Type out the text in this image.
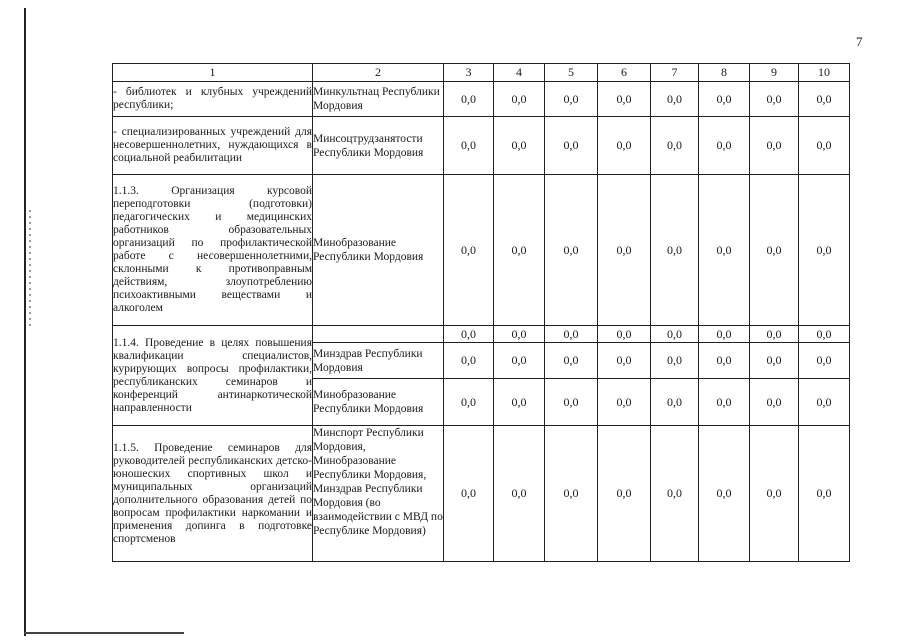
7
1	2	3	4	5	6	7	8	9	10
- библиотек и клубных учреждений республики;	Минкультнац Республики Мордовия	0,0	0,0	0,0	0,0	0,0	0,0	0,0	0,0
- специализированных учреждений для несовершеннолетних, нуждающихся в социальной реабилитации	Минсоцтрудзанятости Республики Мордовия	0,0	0,0	0,0	0,0	0,0	0,0	0,0	0,0
1.1.3. Организация курсовой переподготовки (подготовки) педагогических и медицинских работников образовательных организаций по профилактической работе с несовершеннолетними, склонными к противоправным действиям, злоупотреблению психоактивными веществами и алкоголем	Минобразование Республики Мордовия	0,0	0,0	0,0	0,0	0,0	0,0	0,0	0,0
1.1.4. Проведение в целях повышения квалификации специалистов, курирующих вопросы профилактики, республиканских семинаров и конференций антинаркотической направленности		0,0	0,0	0,0	0,0	0,0	0,0	0,0	0,0
	Минздрав Республики Мордовия	0,0	0,0	0,0	0,0	0,0	0,0	0,0	0,0
	Минобразование Республики Мордовия	0,0	0,0	0,0	0,0	0,0	0,0	0,0	0,0
1.1.5. Проведение семинаров для руководителей республиканских детско-юношеских спортивных школ и муниципальных организаций дополнительного образования детей по вопросам профилактики наркомании и применения допинга в подготовке спортсменов	Минспорт Республики Мордовия, Минобразование Республики Мордовия, Минздрав Республики Мордовия (во взаимодействии с МВД по Республике Мордовия)	0,0	0,0	0,0	0,0	0,0	0,0	0,0	0,0
